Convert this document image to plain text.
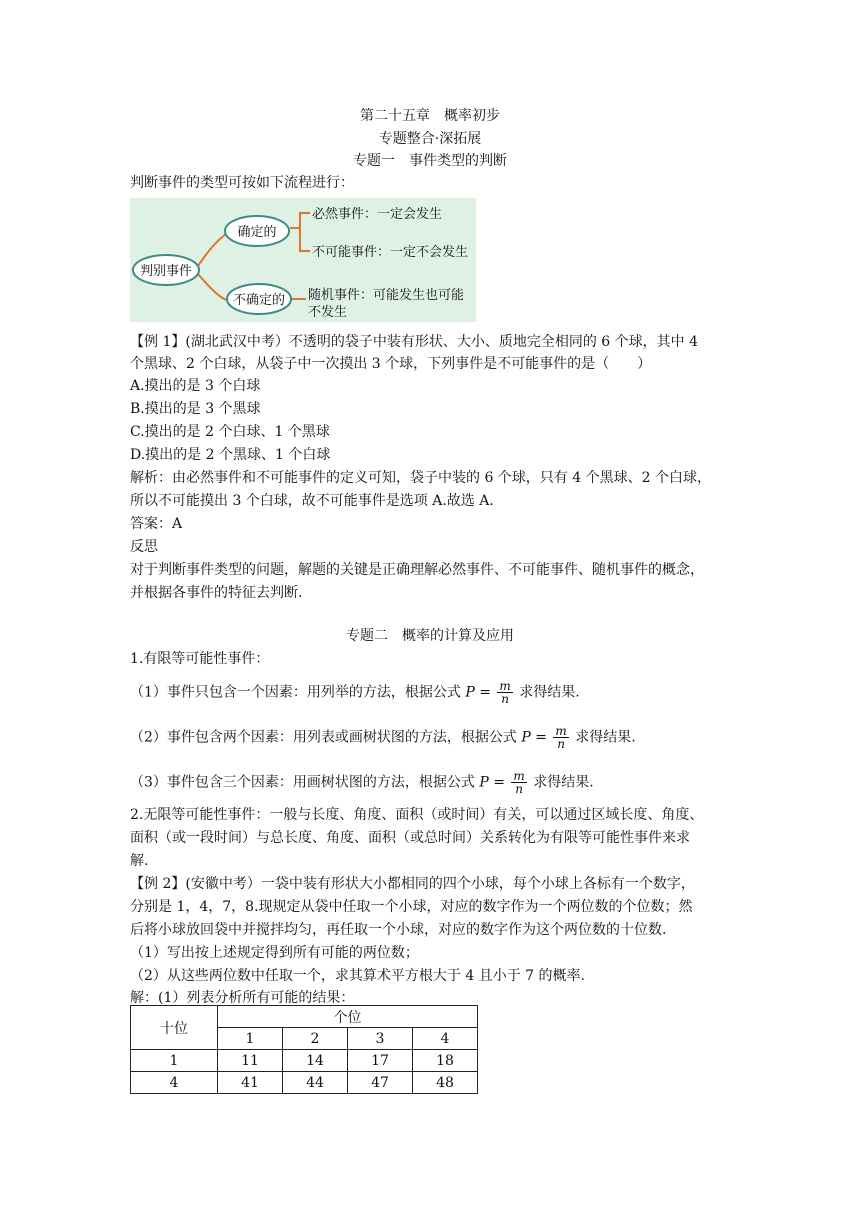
第二十五章　概率初步
专题整合·深拓展
专题一　事件类型的判断
判断事件的类型可按如下流程进行：
判别事件
确定的
不确定的
必然事件：一定会发生
不可能事件：一定不会发生
随机事件：可能发生也可能
不发生
【例 1】(湖北武汉中考）不透明的袋子中装有形状、大小、质地完全相同的 6 个球，其中 4
个黑球、2 个白球，从袋子中一次摸出 3 个球，下列事件是不可能事件的是（　　）
A.摸出的是 3 个白球
B.摸出的是 3 个黑球
C.摸出的是 2 个白球、1 个黑球
D.摸出的是 2 个黑球、1 个白球
解析：由必然事件和不可能事件的定义可知，袋子中装的 6 个球，只有 4 个黑球、2 个白球，
所以不可能摸出 3 个白球，故不可能事件是选项 A.故选 A.
答案：A
反思
对于判断事件类型的问题，解题的关键是正确理解必然事件、不可能事件、随机事件的概念，
并根据各事件的特征去判断.
专题二　概率的计算及应用
1.有限等可能性事件：
（1）事件只包含一个因素：用列举的方法，根据公式 $P = \frac{m}{n}$ 求得结果.
（2）事件包含两个因素：用列表或画树状图的方法，根据公式 $P = \frac{m}{n}$ 求得结果.
（3）事件包含三个因素：用画树状图的方法，根据公式 $P = \frac{m}{n}$ 求得结果.
2.无限等可能性事件：一般与长度、角度、面积（或时间）有关，可以通过区域长度、角度、
面积（或一段时间）与总长度、角度、面积（或总时间）关系转化为有限等可能性事件来求
解.
【例 2】(安徽中考）一袋中装有形状大小都相同的四个小球，每个小球上各标有一个数字，
分别是 1，4，7，8.现规定从袋中任取一个小球，对应的数字作为一个两位数的个位数；然
后将小球放回袋中并搅拌均匀，再任取一个小球，对应的数字作为这个两位数的十位数.
（1）写出按上述规定得到所有可能的两位数；
（2）从这些两位数中任取一个，求其算术平方根大于 4 且小于 7 的概率.
解：(1）列表分析所有可能的结果：
十位	个位			
	1	2	3	4
1	11	14	17	18
4	41	44	47	48
